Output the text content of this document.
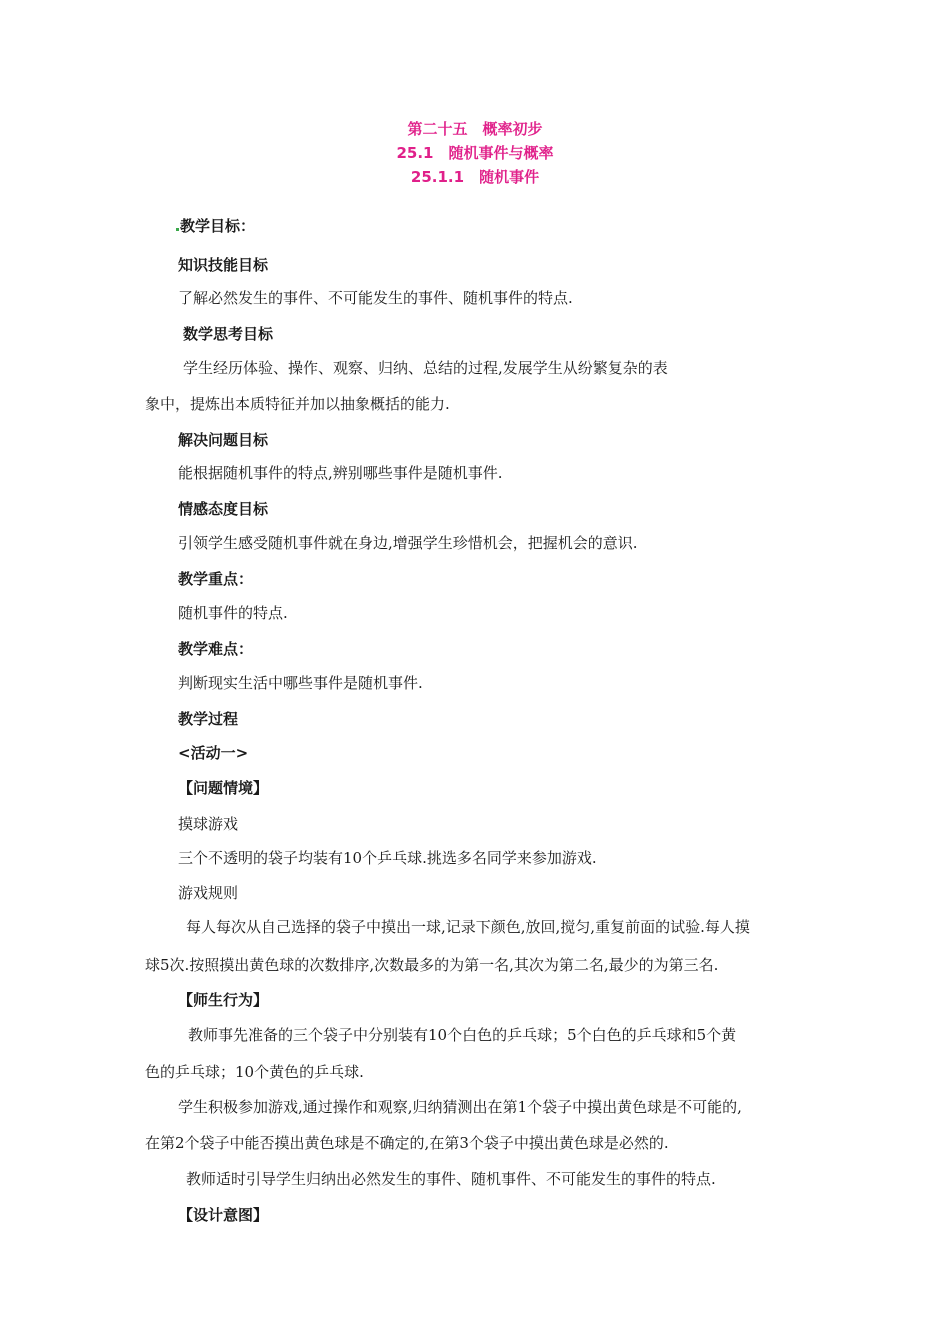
第二十五　概率初步
25.1　随机事件与概率
25.1.1　随机事件
教学目标：
知识技能目标
了解必然发生的事件、不可能发生的事件、随机事件的特点.
数学思考目标
学生经历体验、操作、观察、归纳、总结的过程,发展学生从纷繁复杂的表
象中，提炼出本质特征并加以抽象概括的能力.
解决问题目标
能根据随机事件的特点,辨别哪些事件是随机事件.
情感态度目标
引领学生感受随机事件就在身边,增强学生珍惜机会，把握机会的意识.
教学重点：
随机事件的特点.
教学难点：
判断现实生活中哪些事件是随机事件.
教学过程
<活动一>
【问题情境】
摸球游戏
三个不透明的袋子均装有10个乒乓球.挑选多名同学来参加游戏.
游戏规则
每人每次从自己选择的袋子中摸出一球,记录下颜色,放回,搅匀,重复前面的试验.每人摸
球5次.按照摸出黄色球的次数排序,次数最多的为第一名,其次为第二名,最少的为第三名.
【师生行为】
教师事先准备的三个袋子中分别装有10个白色的乒乓球；5个白色的乒乓球和5个黄
色的乒乓球；10个黄色的乒乓球.
学生积极参加游戏,通过操作和观察,归纳猜测出在第1个袋子中摸出黄色球是不可能的,
在第2个袋子中能否摸出黄色球是不确定的,在第3个袋子中摸出黄色球是必然的.
教师适时引导学生归纳出必然发生的事件、随机事件、不可能发生的事件的特点.
【设计意图】
